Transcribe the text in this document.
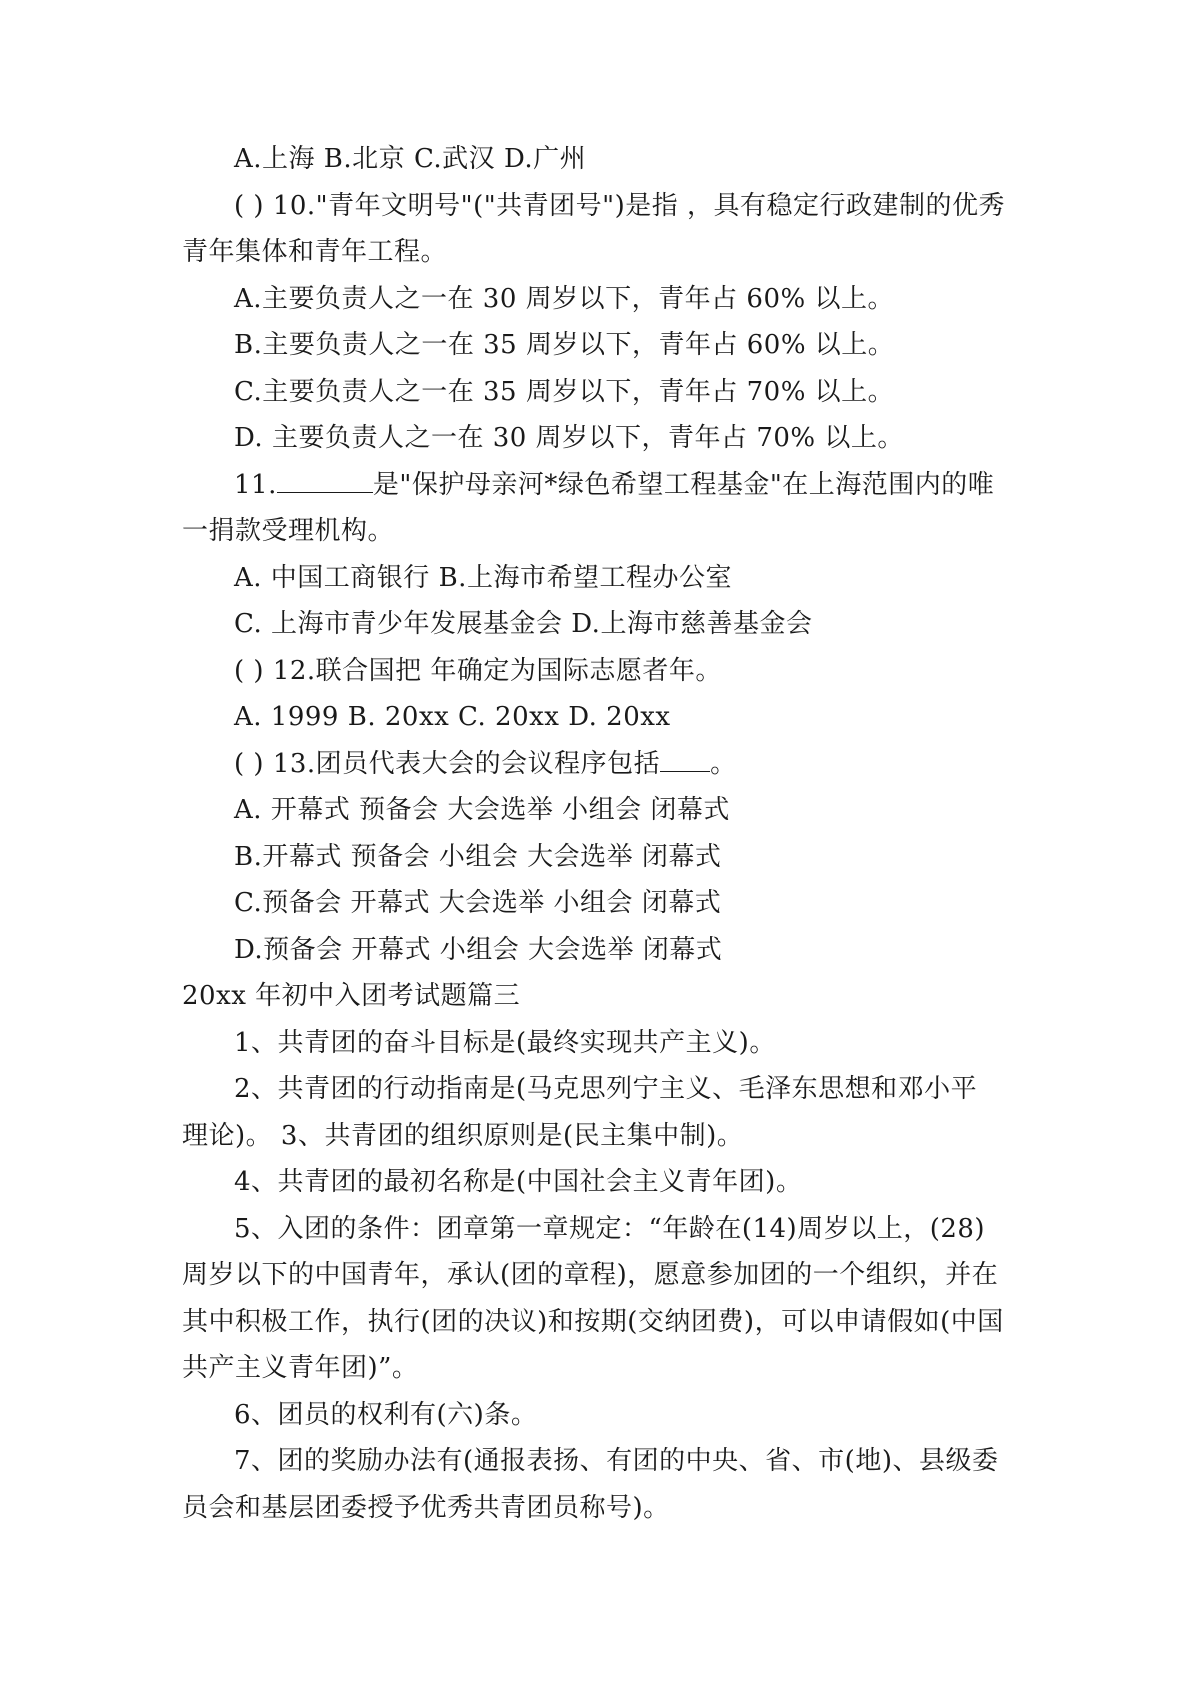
A.上海 B.北京 C.武汉 D.广州
( ) 10."青年文明号"("共青团号")是指 ，具有稳定行政建制的优秀
青年集体和青年工程。
A.主要负责人之一在 30 周岁以下，青年占 60% 以上。
B.主要负责人之一在 35 周岁以下，青年占 60% 以上。
C.主要负责人之一在 35 周岁以下，青年占 70% 以上。
D. 主要负责人之一在 30 周岁以下，青年占 70% 以上。
11.	是"保护母亲河*绿色希望工程基金"在上海范围内的唯
一捐款受理机构。
A. 中国工商银行 B.上海市希望工程办公室
C. 上海市青少年发展基金会 D.上海市慈善基金会
( ) 12.联合国把 年确定为国际志愿者年。
A. 1999 B. 20xx C. 20xx D. 20xx
( ) 13.团员代表大会的会议程序包括 。
A. 开幕式 预备会 大会选举 小组会 闭幕式
B.开幕式 预备会 小组会 大会选举 闭幕式
C.预备会 开幕式 大会选举 小组会 闭幕式
D.预备会 开幕式 小组会 大会选举 闭幕式
20xx 年初中入团考试题篇三
1、共青团的奋斗目标是(最终实现共产主义)。
2、共青团的行动指南是(马克思列宁主义、毛泽东思想和邓小平
理论)。 3、共青团的组织原则是(民主集中制)。
4、共青团的最初名称是(中国社会主义青年团)。
5、入团的条件：团章第一章规定：“年龄在(14)周岁以上，(28)
周岁以下的中国青年，承认(团的章程)，愿意参加团的一个组织，并在
其中积极工作，执行(团的决议)和按期(交纳团费)，可以申请假如(中国
共产主义青年团)”。
6、团员的权利有(六)条。
7、团的奖励办法有(通报表扬、有团的中央、省、市(地)、县级委
员会和基层团委授予优秀共青团员称号)。
